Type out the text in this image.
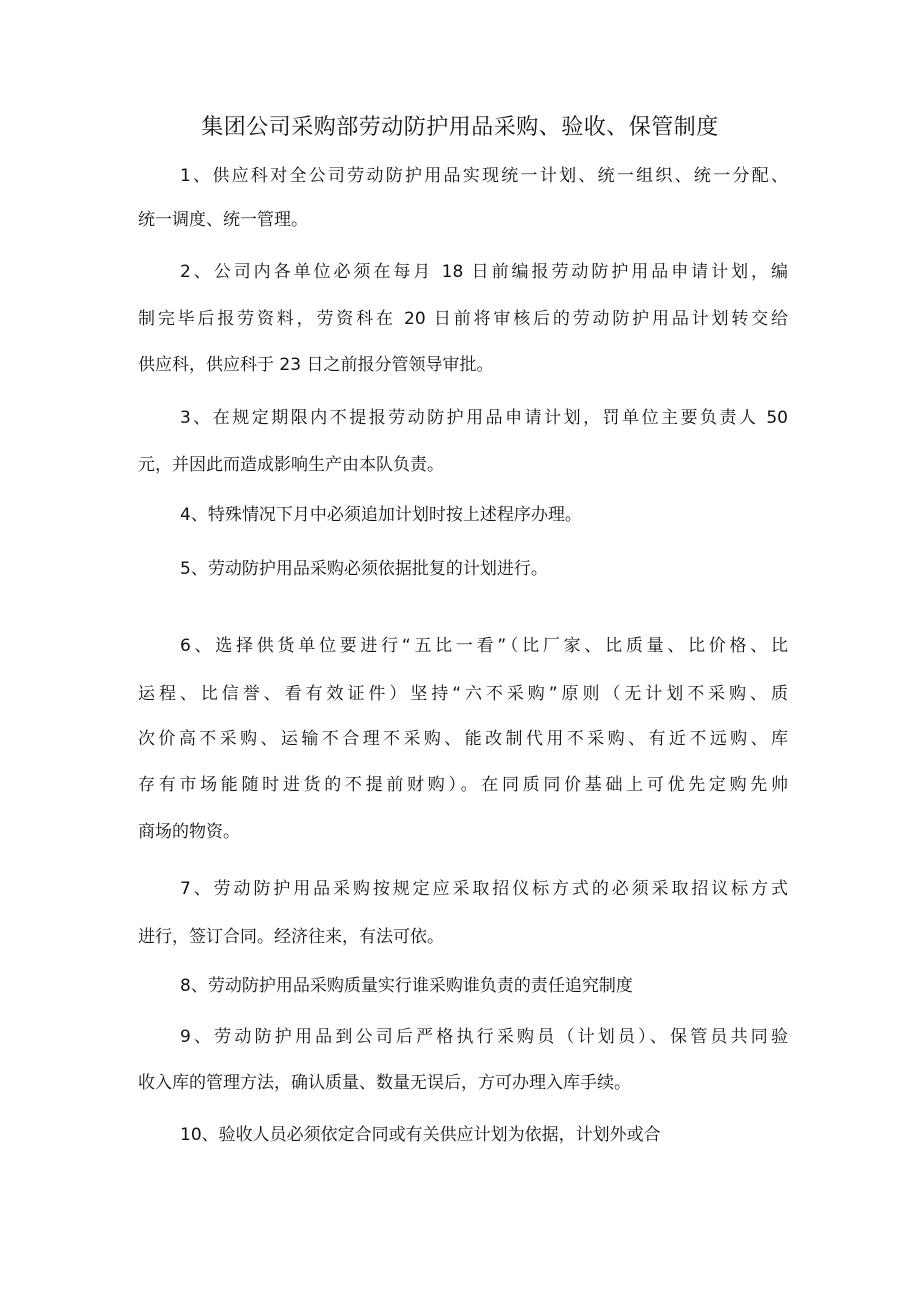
集团公司采购部劳动防护用品采购、验收、保管制度
1、供应科对全公司劳动防护用品实现统一计划、统一组织、统一分配、
统一调度、统一管理。
2、公司内各单位必须在每月 18 日前编报劳动防护用品申请计划，编
制完毕后报劳资料，劳资科在 20 日前将审核后的劳动防护用品计划转交给
供应科，供应科于 23 日之前报分管领导审批。
3、在规定期限内不提报劳动防护用品申请计划，罚单位主要负责人 50
元，并因此而造成影响生产由本队负责。
4、特殊情况下月中必须追加计划时按上述程序办理。
5、劳动防护用品采购必须依据批复的计划进行。
6、选择供货单位要进行“五比一看”（比厂家、比质量、比价格、比
运程、比信誉、看有效证件）坚持“六不采购”原则（无计划不采购、质
次价高不采购、运输不合理不采购、能改制代用不采购、有近不远购、库
存有市场能随时进货的不提前财购）。在同质同价基础上可优先定购先帅
商场的物资。
7、劳动防护用品采购按规定应采取招仪标方式的必须采取招议标方式
进行，签订合同。经济往来，有法可依。
8、劳动防护用品采购质量实行谁采购谁负责的责任追究制度
9、劳动防护用品到公司后严格执行采购员（计划员）、保管员共同验
收入库的管理方法，确认质量、数量无误后，方可办理入库手续。
10、验收人员必须依定合同或有关供应计划为依据，计划外或合
